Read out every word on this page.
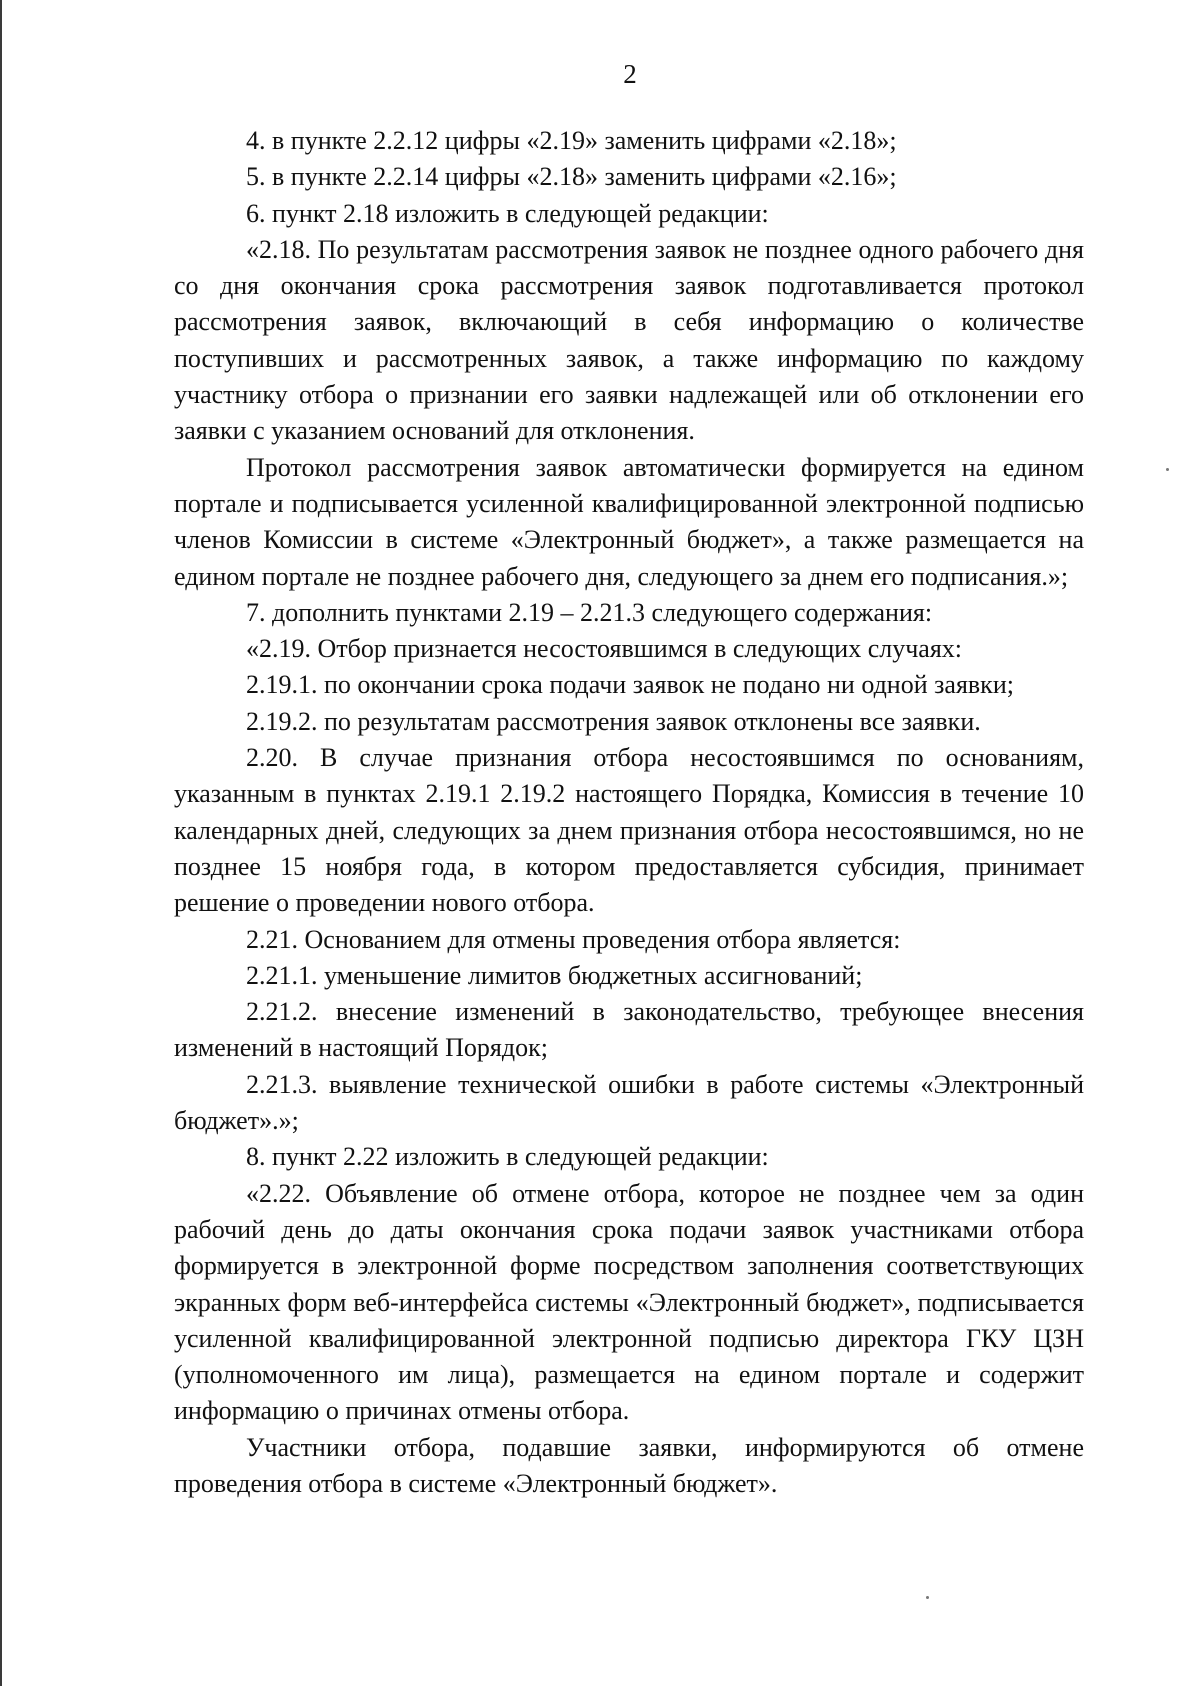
2

4. в пункте 2.2.12 цифры «2.19» заменить цифрами «2.18»;

5. в пункте 2.2.14 цифры «2.18» заменить цифрами «2.16»;

6. пункт 2.18 изложить в следующей редакции:

«2.18. По результатам рассмотрения заявок не позднее одного рабочего дня со дня окончания срока рассмотрения заявок подготавливается протокол рассмотрения заявок, включающий в себя информацию о количестве поступивших и рассмотренных заявок, а также информацию по каждому участнику отбора о признании его заявки надлежащей или об отклонении его заявки с указанием оснований для отклонения.

Протокол рассмотрения заявок автоматически формируется на едином портале и подписывается усиленной квалифицированной электронной подписью членов Комиссии в системе «Электронный бюджет», а также размещается на едином портале не позднее рабочего дня, следующего за днем его подписания.»;

7. дополнить пунктами 2.19 – 2.21.3 следующего содержания:

«2.19. Отбор признается несостоявшимся в следующих случаях:

2.19.1. по окончании срока подачи заявок не подано ни одной заявки;

2.19.2. по результатам рассмотрения заявок отклонены все заявки.

2.20. В случае признания отбора несостоявшимся по основаниям, указанным в пунктах 2.19.1 2.19.2 настоящего Порядка, Комиссия в течение 10 календарных дней, следующих за днем признания отбора несостоявшимся, но не позднее 15 ноября года, в котором предоставляется субсидия, принимает решение о проведении нового отбора.

2.21. Основанием для отмены проведения отбора является:

2.21.1. уменьшение лимитов бюджетных ассигнований;

2.21.2. внесение изменений в законодательство, требующее внесения изменений в настоящий Порядок;

2.21.3. выявление технической ошибки в работе системы «Электронный бюджет».»;

8. пункт 2.22 изложить в следующей редакции:

«2.22. Объявление об отмене отбора, которое не позднее чем за один рабочий день до даты окончания срока подачи заявок участниками отбора формируется в электронной форме посредством заполнения соответствующих экранных форм веб-интерфейса системы «Электронный бюджет», подписывается усиленной квалифицированной электронной подписью директора ГКУ ЦЗН (уполномоченного им лица), размещается на едином портале и содержит информацию о причинах отмены отбора.

Участники отбора, подавшие заявки, информируются об отмене проведения отбора в системе «Электронный бюджет».
